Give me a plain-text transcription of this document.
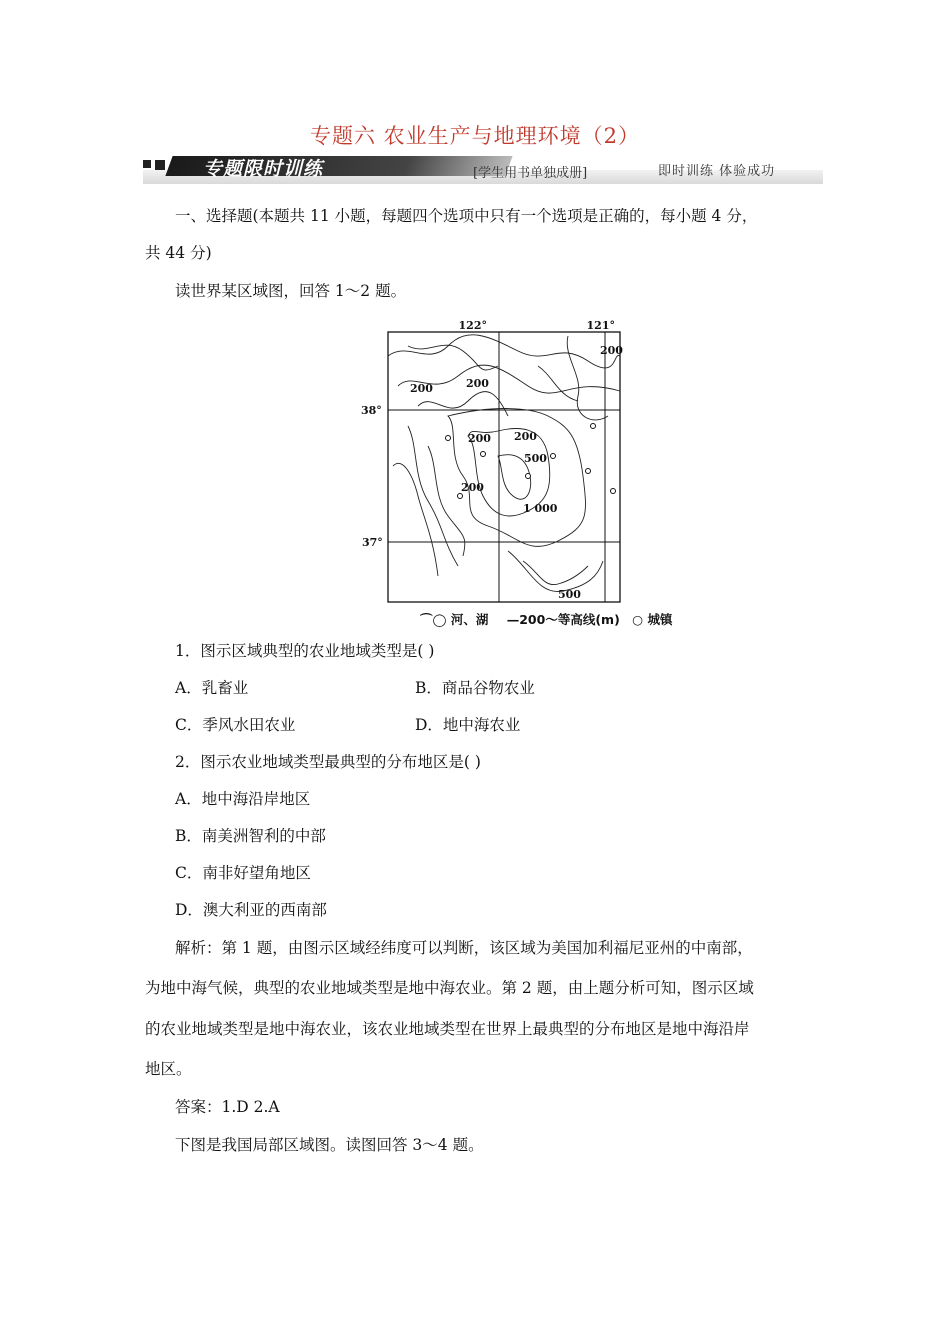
专题六 农业生产与地理环境（2）
专题限时训练	[学生用书单独成册]	即时训练 体验成功
一、选择题(本题共 11 小题，每题四个选项中只有一个选项是正确的，每小题 4 分，
共 44 分)
读世界某区域图，回答 1～2 题。
122°	121°
200
200	200
200 200
200
500
1 000
500
38°
37°
⌒◯ 河、湖 —200〜等高线(m) ○ 城镇
1．图示区域典型的农业地域类型是( )
A．乳畜业	B．商品谷物农业
C．季风水田农业	D．地中海农业
2．图示农业地域类型最典型的分布地区是( )
A．地中海沿岸地区
B．南美洲智利的中部
C．南非好望角地区
D．澳大利亚的西南部
解析：第 1 题，由图示区域经纬度可以判断，该区域为美国加利福尼亚州的中南部，
为地中海气候，典型的农业地域类型是地中海农业。第 2 题，由上题分析可知，图示区域
的农业地域类型是地中海农业，该农业地域类型在世界上最典型的分布地区是地中海沿岸
地区。
答案：1.D 2.A
下图是我国局部区域图。读图回答 3～4 题。
